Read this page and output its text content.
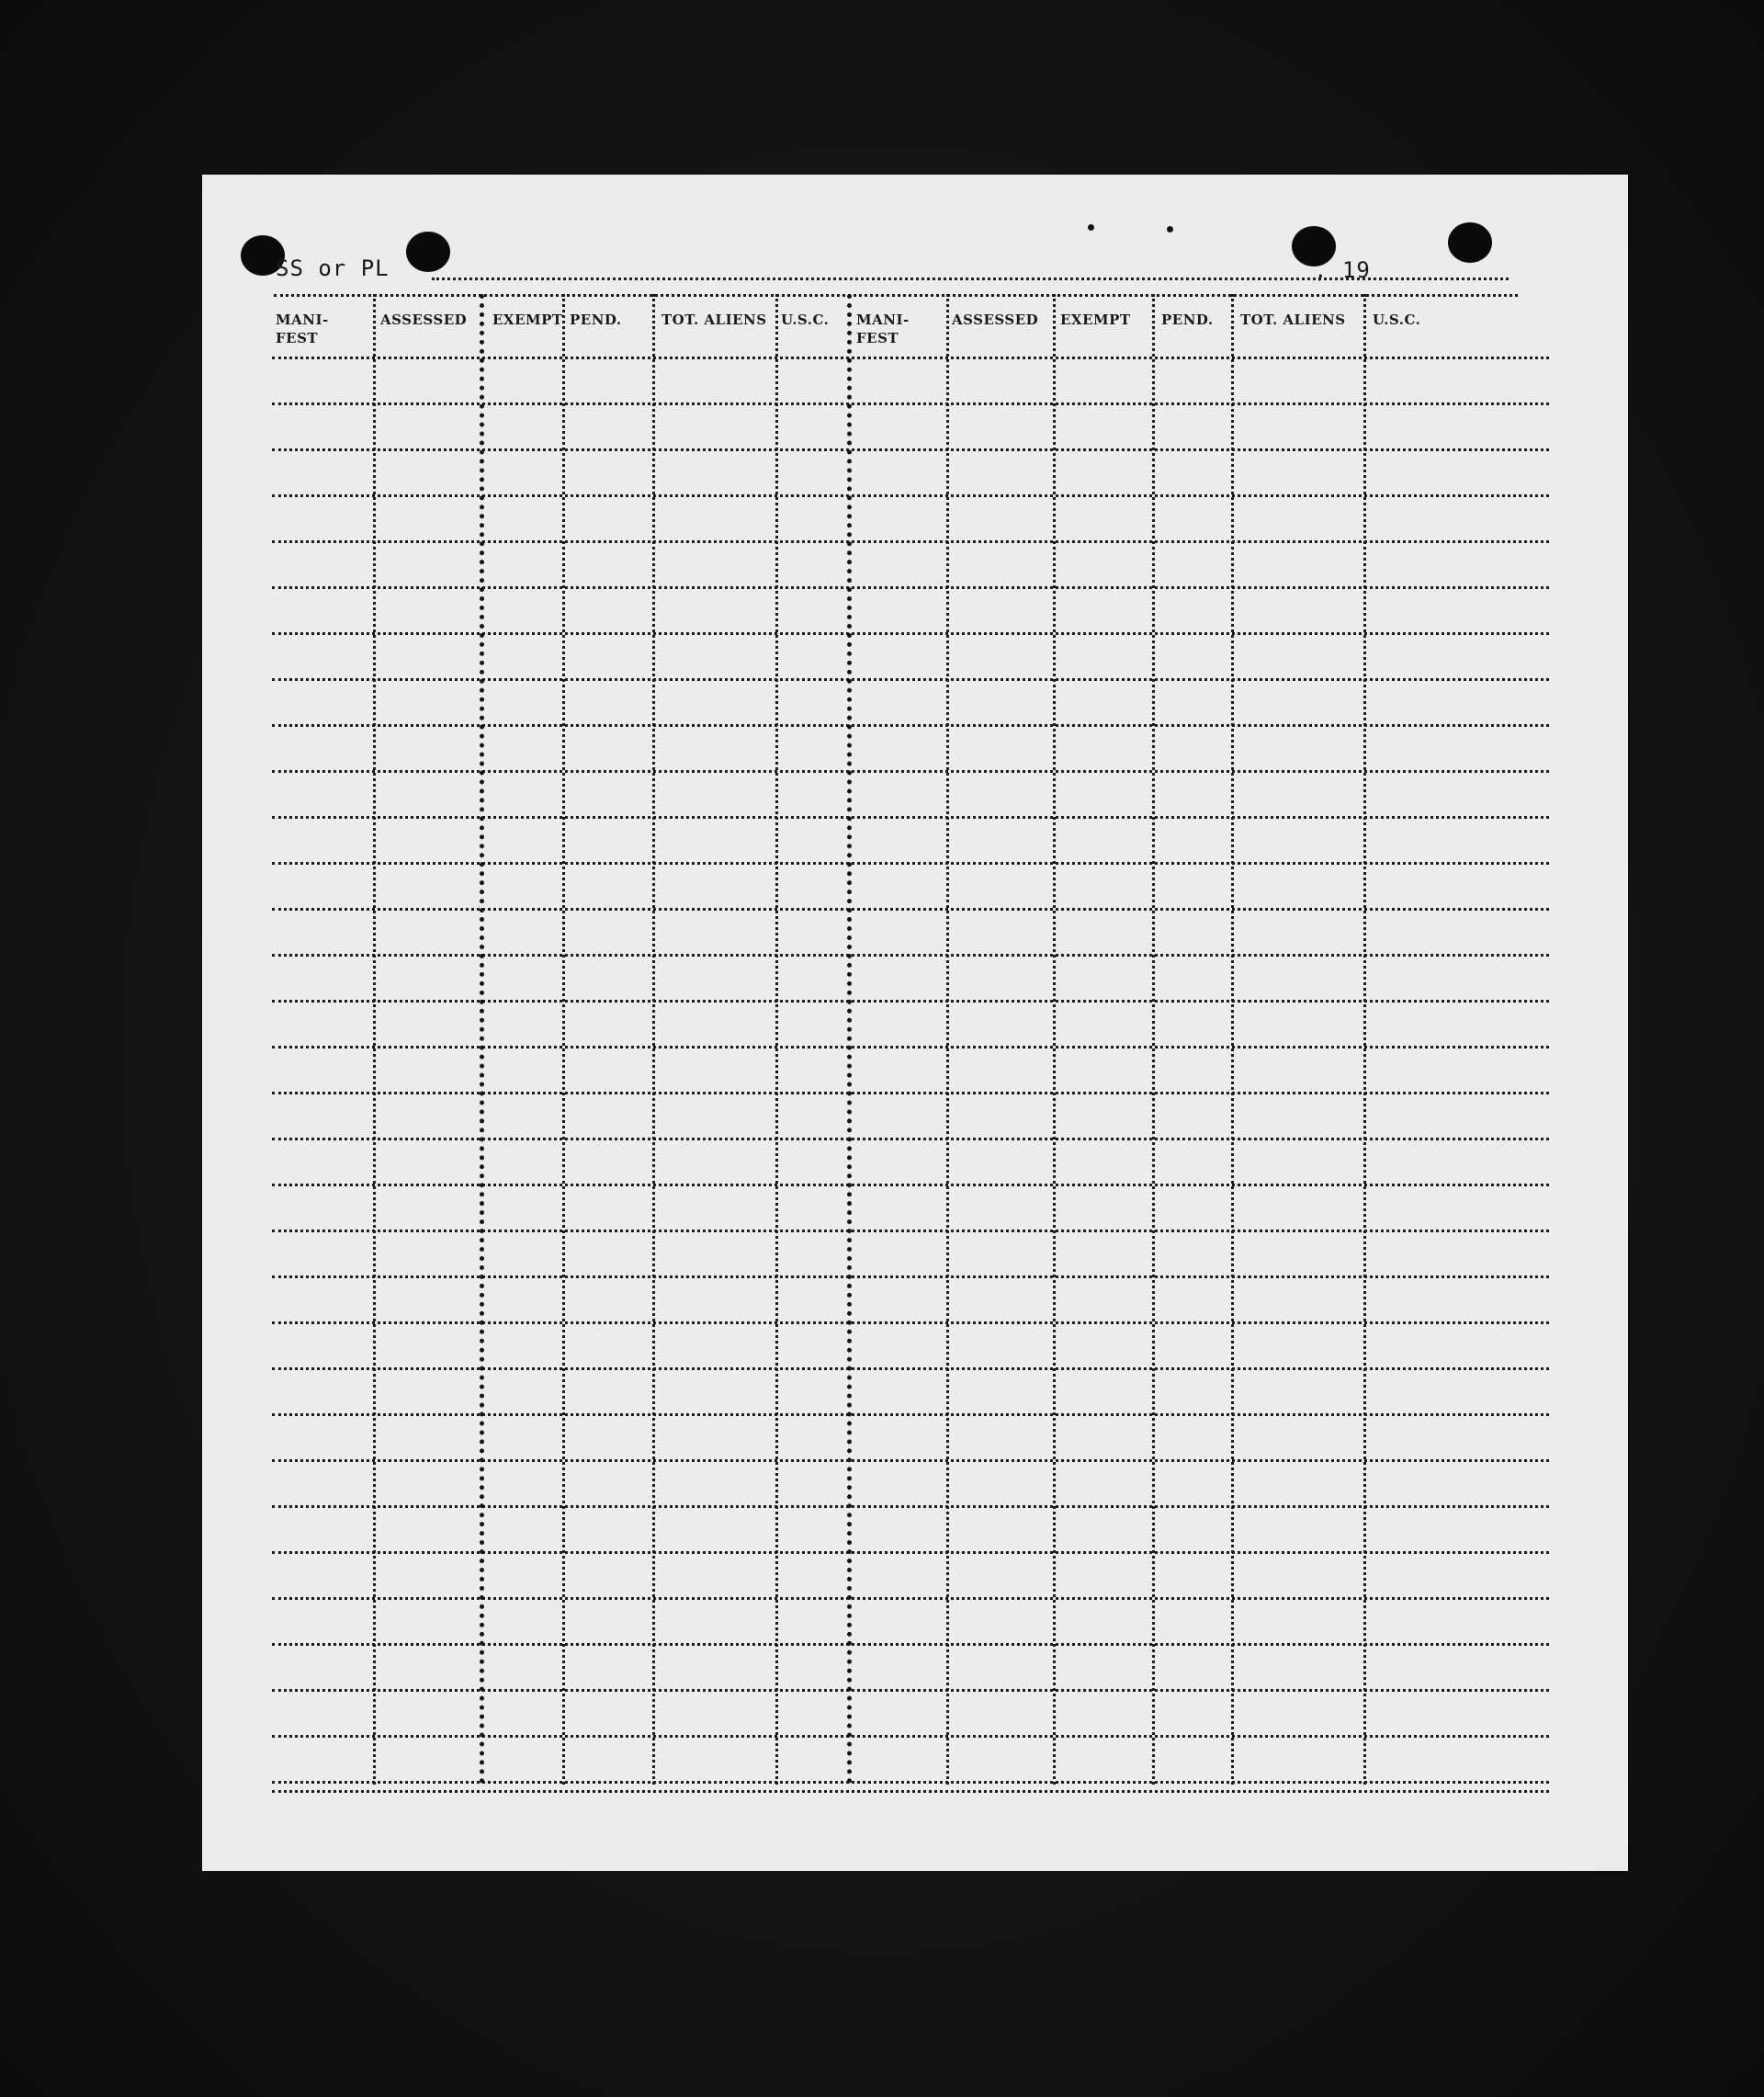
SS or PL	, 19
MANI-
FEST
ASSESSED EXEMPT PEND.	TOT. ALIENS U.S.C. MANI-
FEST
ASSESSED EXEMPT PEND. TOT. ALIENS U.S.C.
